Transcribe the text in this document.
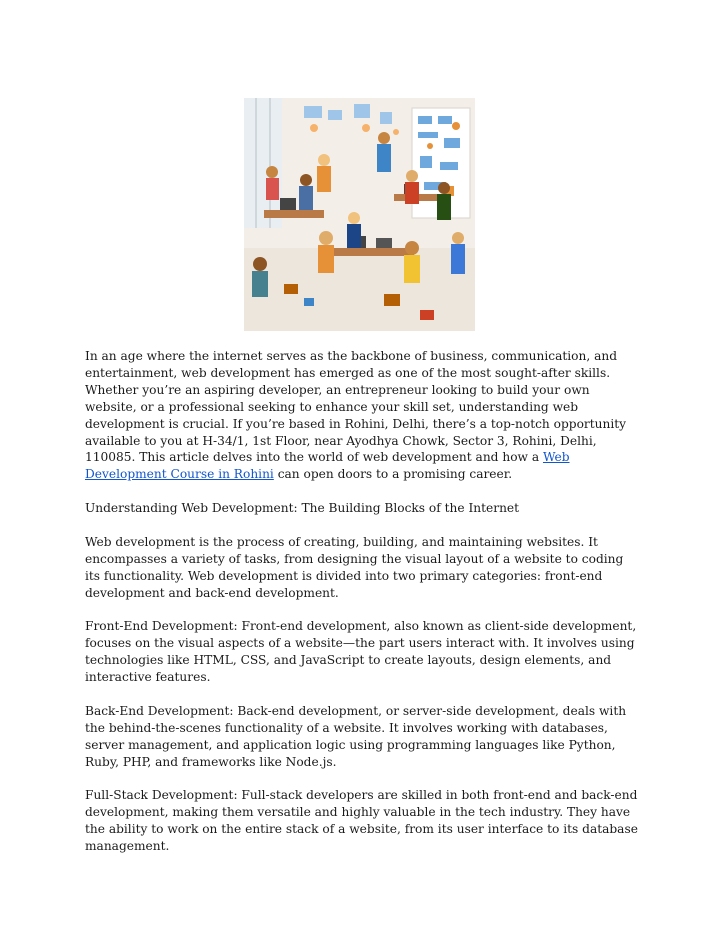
In an age where the internet serves as the backbone of business, communication, and entertainment, web development has emerged as one of the most sought-after skills. Whether you’re an aspiring developer, an entrepreneur looking to build your own website, or a professional seeking to enhance your skill set, understanding web development is crucial. If you’re based in Rohini, Delhi, there’s a top-notch opportunity available to you at H-34/1, 1st Floor, near Ayodhya Chowk, Sector 3, Rohini, Delhi, 110085. This article delves into the world of web development and how a Web Development Course in Rohini can open doors to a promising career.

Understanding Web Development: The Building Blocks of the Internet

Web development is the process of creating, building, and maintaining websites. It encompasses a variety of tasks, from designing the visual layout of a website to coding its functionality. Web development is divided into two primary categories: front-end development and back-end development.

Front-End Development: Front-end development, also known as client-side development, focuses on the visual aspects of a website—the part users interact with. It involves using technologies like HTML, CSS, and JavaScript to create layouts, design elements, and interactive features.

Back-End Development: Back-end development, or server-side development, deals with the behind-the-scenes functionality of a website. It involves working with databases, server management, and application logic using programming languages like Python, Ruby, PHP, and frameworks like Node.js.

Full-Stack Development: Full-stack developers are skilled in both front-end and back-end development, making them versatile and highly valuable in the tech industry. They have the ability to work on the entire stack of a website, from its user interface to its database management.
